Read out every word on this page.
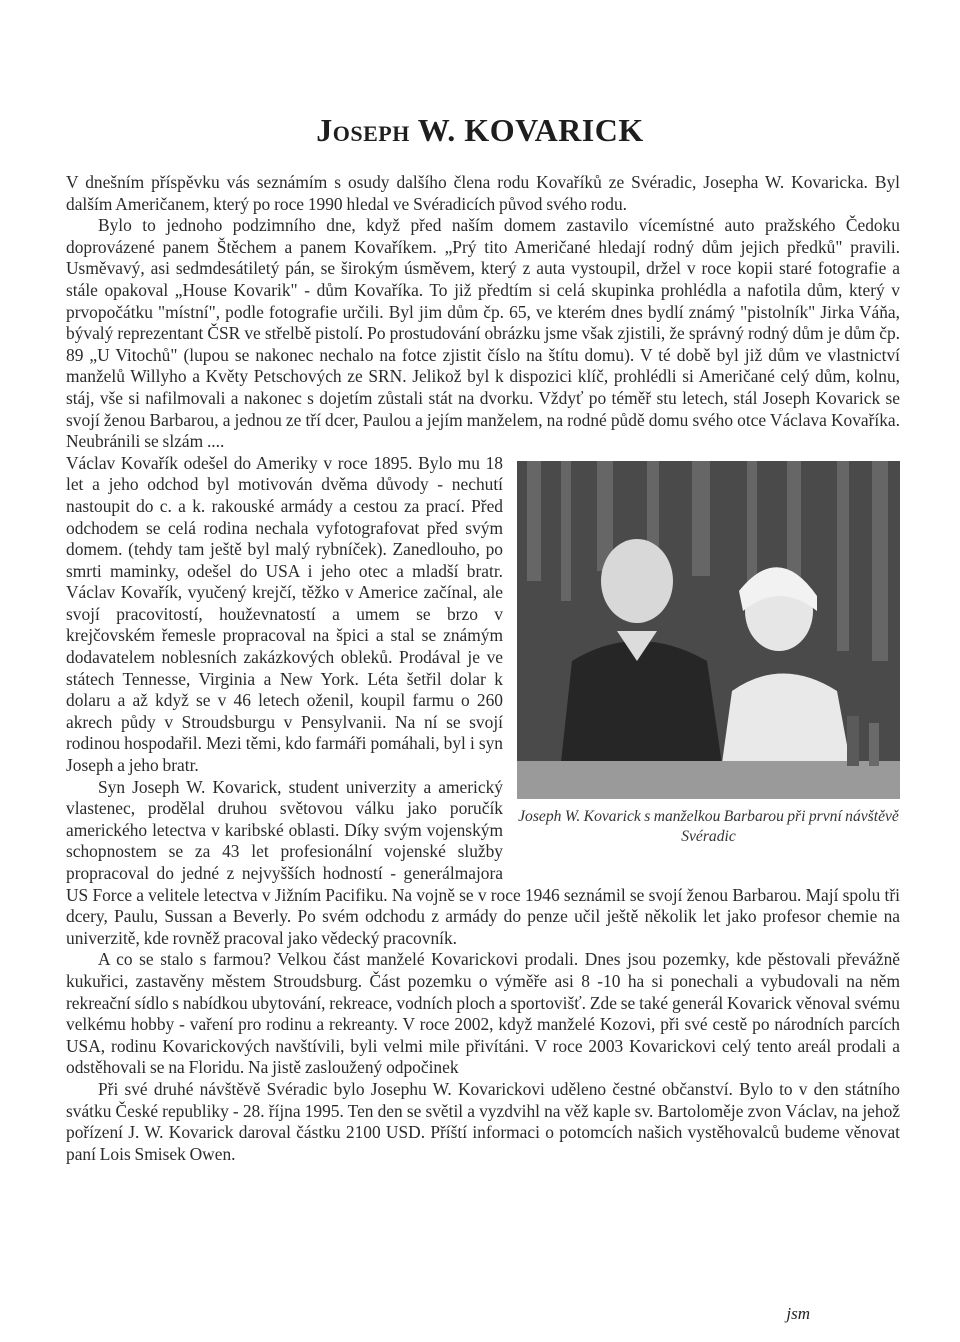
Joseph W. KOVARICK

V dnešním příspěvku vás seznámím s osudy dalšího člena rodu Kovaříků ze Svéradic, Josepha W. Kovaricka. Byl dalším Američanem, který po roce 1990 hledal ve Svéradicích původ svého rodu.

Bylo to jednoho podzimního dne, když před naším domem zastavilo vícemístné auto pražského Čedoku doprovázené panem Štěchem a panem Kovaříkem. „Prý tito Američané hledají rodný dům jejich předků" pravili. Usměvavý, asi sedmdesátiletý pán, se širokým úsměvem, který z auta vystoupil, držel v roce kopii staré fotografie a stále opakoval „House Kovarik" - dům Kovaříka. To již předtím si celá skupinka prohlédla a nafotila dům, který v prvopočátku "místní", podle fotografie určili. Byl jim dům čp. 65, ve kterém dnes bydlí známý "pistolník" Jirka Váňa, bývalý reprezentant ČSR ve střelbě pistolí. Po prostudování obrázku jsme však zjistili, že správný rodný dům je dům čp. 89 „U Vitochů" (lupou se nakonec nechalo na fotce zjistit číslo na štítu domu). V té době byl již dům ve vlastnictví manželů Willyho a Květy Petschových ze SRN. Jelikož byl k dispozici klíč, prohlédli si Američané celý dům, kolnu, stáj, vše si nafilmovali a nakonec s dojetím zůstali stát na dvorku. Vždyť po téměř stu letech, stál Joseph Kovarick se svojí ženou Barbarou, a jednou ze tří dcer, Paulou a jejím manželem, na rodné půdě domu svého otce Václava Kovaříka. Neubránili se slzám ....

Joseph W. Kovarick s manželkou Barbarou při první návštěvě Svéradic

Václav Kovařík odešel do Ameriky v roce 1895. Bylo mu 18 let a jeho odchod byl motivován dvěma důvody - nechutí nastoupit do c. a k. rakouské armády a cestou za prací. Před odchodem se celá rodina nechala vyfotografovat před svým domem. (tehdy tam ještě byl malý rybníček). Zanedlouho, po smrti maminky, odešel do USA i jeho otec a mladší bratr. Václav Kovařík, vyučený krejčí, těžko v Americe začínal, ale svojí pracovitostí, houževnatostí a umem se brzo v krejčovském řemesle propracoval na špici a stal se známým dodavatelem noblesních zakázkových obleků. Prodával je ve státech Tennesse, Virginia a New York. Léta šetřil dolar k dolaru a až když se v 46 letech oženil, koupil farmu o 260 akrech půdy v Stroudsburgu v Pensylvanii. Na ní se svojí rodinou hospodařil. Mezi těmi, kdo farmáři pomáhali, byl i syn Joseph a jeho bratr.

Syn Joseph W. Kovarick, student univerzity a americký vlastenec, prodělal druhou světovou válku jako poručík amerického letectva v karibské oblasti. Díky svým vojenským schopnostem se za 43 let profesionální vojenské služby propracoval do jedné z nejvyšších hodností - generálmajora US Force a velitele letectva v Jižním Pacifiku. Na vojně se v roce 1946 seznámil se svojí ženou Barbarou. Mají spolu tři dcery, Paulu, Sussan a Beverly. Po svém odchodu z armády do penze učil ještě několik let jako profesor chemie na univerzitě, kde rovněž pracoval jako vědecký pracovník.

A co se stalo s farmou? Velkou část manželé Kovarickovi prodali. Dnes jsou pozemky, kde pěstovali převážně kukuřici, zastavěny městem Stroudsburg. Část pozemku o výměře asi 8 -10 ha si ponechali a vybudovali na něm rekreační sídlo s nabídkou ubytování, rekreace, vodních ploch a sportovišť. Zde se také generál Kovarick věnoval svému velkému hobby - vaření pro rodinu a rekreanty. V roce 2002, když manželé Kozovi, při své cestě po národních parcích USA, rodinu Kovarickových navštívili, byli velmi mile přivítáni. V roce 2003 Kovarickovi celý tento areál prodali a odstěhovali se na Floridu. Na jistě zasloužený odpočinek

Při své druhé návštěvě Svéradic bylo Josephu W. Kovarickovi uděleno čestné občanství. Bylo to v den státního svátku České republiky - 28. října 1995. Ten den se světil a vyzdvihl na věž kaple sv. Bartoloměje zvon Václav, na jehož pořízení J. W. Kovarick daroval částku 2100 USD. Příští informaci o potomcích našich vystěhovalců budeme věnovat paní Lois Smisek Owen.

jsm
